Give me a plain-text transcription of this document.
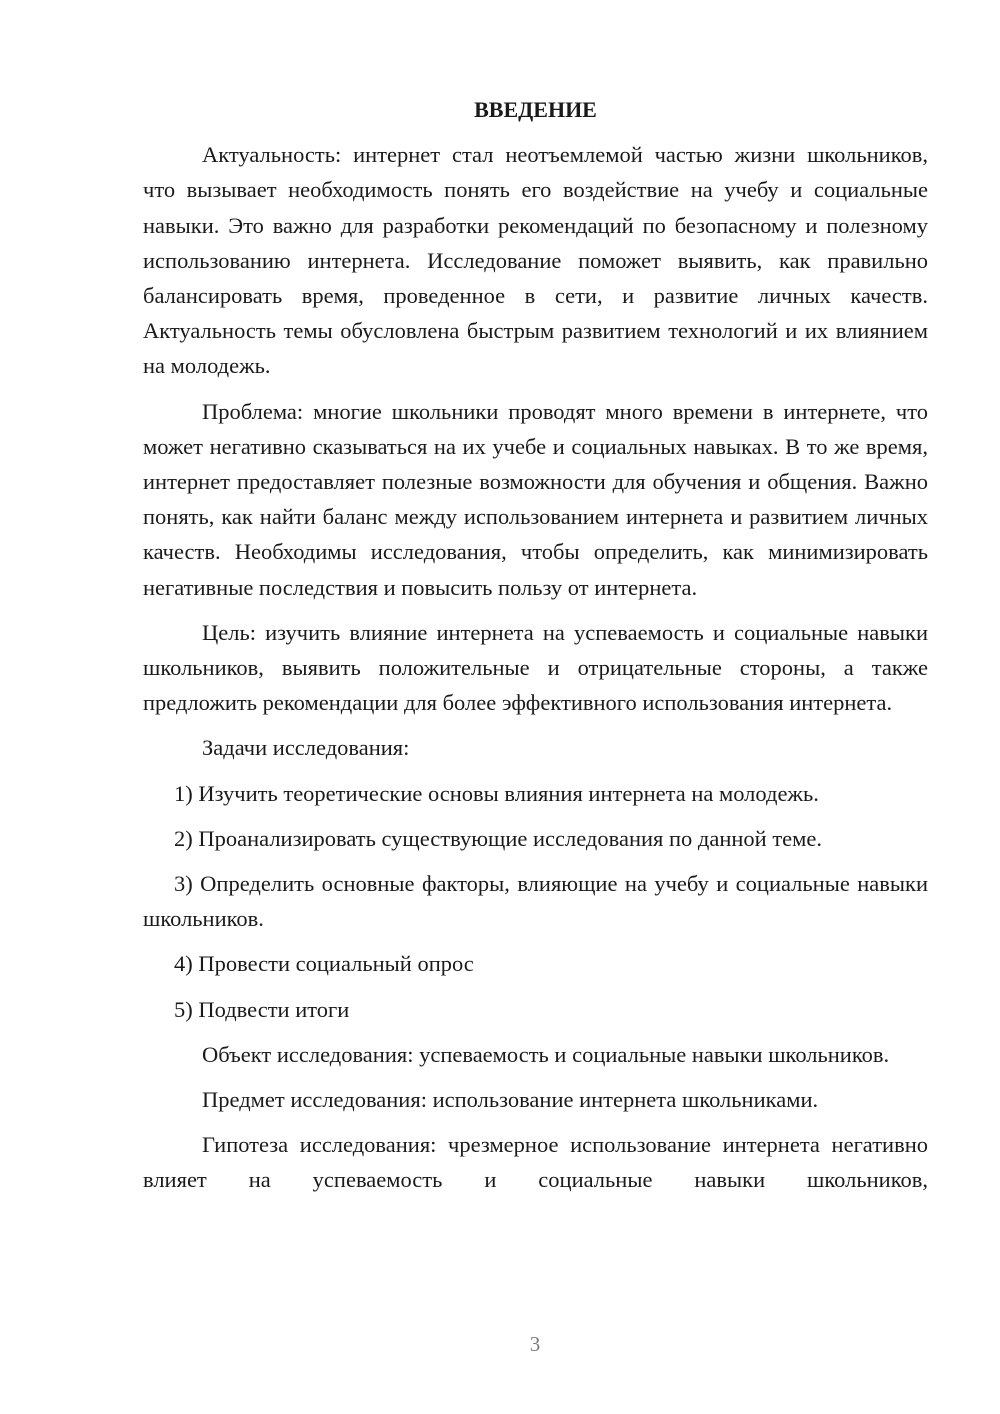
ВВЕДЕНИЕ

Актуальность: интернет стал неотъемлемой частью жизни школьников, что вызывает необходимость понять его воздействие на учебу и социальные навыки. Это важно для разработки рекомендаций по безопасному и полезному использованию интернета. Исследование поможет выявить, как правильно балансировать время, проведенное в сети, и развитие личных качеств. Актуальность темы обусловлена быстрым развитием технологий и их влиянием на молодежь.

Проблема: многие школьники проводят много времени в интернете, что может негативно сказываться на их учебе и социальных навыках. В то же время, интернет предоставляет полезные возможности для обучения и общения. Важно понять, как найти баланс между использованием интернета и развитием личных качеств. Необходимы исследования, чтобы определить, как минимизировать негативные последствия и повысить пользу от интернета.

Цель: изучить влияние интернета на успеваемость и социальные навыки школьников, выявить положительные и отрицательные стороны, а также предложить рекомендации для более эффективного использования интернета.

Задачи исследования:

1) Изучить теоретические основы влияния интернета на молодежь.

2) Проанализировать существующие исследования по данной теме.

3) Определить основные факторы, влияющие на учебу и социальные навыки школьников.

4) Провести социальный опрос

5) Подвести итоги

Объект исследования: успеваемость и социальные навыки школьников.

Предмет исследования: использование интернета школьниками.

Гипотеза исследования: чрезмерное использование интернета негативно влияет на успеваемость и социальные навыки школьников,

3
